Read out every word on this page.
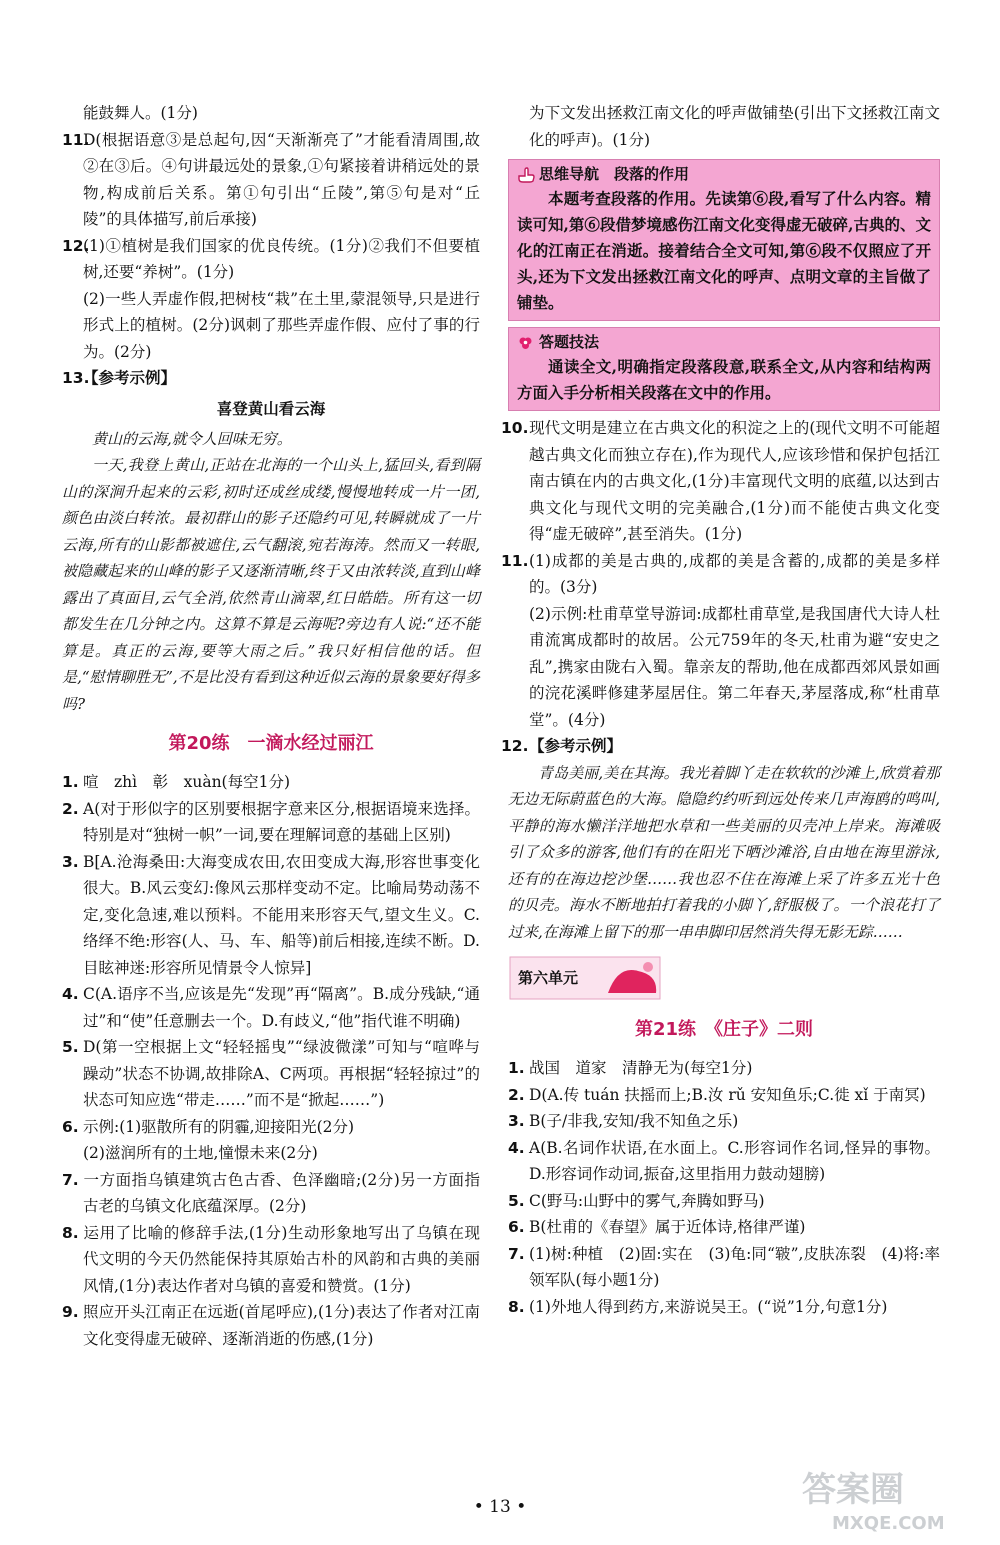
能鼓舞人。(1分)

11.D(根据语意③是总起句,因“天渐渐亮了”才能看清周围,故②在③后。④句讲最远处的景象,①句紧接着讲稍远处的景物,构成前后关系。第①句引出“丘陵”,第⑤句是对“丘陵”的具体描写,前后承接)

12.(1)①植树是我们国家的优良传统。(1分)②我们不但要植树,还要“养树”。(1分)

(2)一些人弄虚作假,把树枝“栽”在土里,蒙混领导,只是进行形式上的植树。(2分)讽刺了那些弄虚作假、应付了事的行为。(2分)

13.【参考示例】

喜登黄山看云海

黄山的云海,就令人回味无穷。

一天,我登上黄山,正站在北海的一个山头上,猛回头,看到隔山的深涧升起来的云彩,初时还成丝成缕,慢慢地转成一片一团,颜色由淡白转浓。最初群山的影子还隐约可见,转瞬就成了一片云海,所有的山影都被遮住,云气翻滚,宛若海涛。然而又一转眼,被隐藏起来的山峰的影子又逐渐清晰,终于又由浓转淡,直到山峰露出了真面目,云气全消,依然青山滴翠,红日皓皓。所有这一切都发生在几分钟之内。这算不算是云海呢?旁边有人说:“还不能算是。真正的云海,要等大雨之后。”我只好相信他的话。但是,“慰情聊胜无”,不是比没有看到这种近似云海的景象要好得多吗?

第20练　一滴水经过丽江

1. 喧　zhì　彰　xuàn(每空1分)

2. A(对于形似字的区别要根据字意来区分,根据语境来选择。特别是对“独树一帜”一词,要在理解词意的基础上区别)

3. B[A.沧海桑田:大海变成农田,农田变成大海,形容世事变化很大。B.风云变幻:像风云那样变动不定。比喻局势动荡不定,变化急速,难以预料。不能用来形容天气,望文生义。C.络绎不绝:形容(人、马、车、船等)前后相接,连续不断。D.目眩神迷:形容所见情景令人惊异]

4. C(A.语序不当,应该是先“发现”再“隔离”。B.成分残缺,“通过”和“使”任意删去一个。D.有歧义,“他”指代谁不明确)

5. D(第一空根据上文“轻轻摇曳”“绿波微漾”可知与“喧哗与躁动”状态不协调,故排除A、C两项。再根据“轻轻掠过”的状态可知应选“带走……”而不是“掀起……”)

6. 示例:(1)驱散所有的阴霾,迎接阳光(2分)

(2)滋润所有的土地,憧憬未来(2分)

7. 一方面指乌镇建筑古色古香、色泽幽暗;(2分)另一方面指古老的乌镇文化底蕴深厚。(2分)

8. 运用了比喻的修辞手法,(1分)生动形象地写出了乌镇在现代文明的今天仍然能保持其原始古朴的风韵和古典的美丽风情,(1分)表达作者对乌镇的喜爱和赞赏。(1分)

9. 照应开头江南正在远逝(首尾呼应),(1分)表达了作者对江南文化变得虚无破碎、逐渐消逝的伤感,(1分)

为下文发出拯救江南文化的呼声做铺垫(引出下文拯救江南文化的呼声)。(1分)

思维导航　段落的作用

本题考查段落的作用。先读第⑥段,看写了什么内容。精读可知,第⑥段借梦境感伤江南文化变得虚无破碎,古典的、文化的江南正在消逝。接着结合全文可知,第⑥段不仅照应了开头,还为下文发出拯救江南文化的呼声、点明文章的主旨做了铺垫。

答题技法

通读全文,明确指定段落段意,联系全文,从内容和结构两方面入手分析相关段落在文中的作用。

10.现代文明是建立在古典文化的积淀之上的(现代文明不可能超越古典文化而独立存在),作为现代人,应该珍惜和保护包括江南古镇在内的古典文化,(1分)丰富现代文明的底蕴,以达到古典文化与现代文明的完美融合,(1分)而不能使古典文化变得“虚无破碎”,甚至消失。(1分)

11.(1)成都的美是古典的,成都的美是含蓄的,成都的美是多样的。(3分)

(2)示例:杜甫草堂导游词:成都杜甫草堂,是我国唐代大诗人杜甫流寓成都时的故居。公元759年的冬天,杜甫为避“安史之乱”,携家由陇右入蜀。靠亲友的帮助,他在成都西郊风景如画的浣花溪畔修建茅屋居住。第二年春天,茅屋落成,称“杜甫草堂”。(4分)

12.【参考示例】

青岛美丽,美在其海。我光着脚丫走在软软的沙滩上,欣赏着那无边无际蔚蓝色的大海。隐隐约约听到远处传来几声海鸥的鸣叫,平静的海水懒洋洋地把水草和一些美丽的贝壳冲上岸来。海滩吸引了众多的游客,他们有的在阳光下晒沙滩浴,自由地在海里游泳,还有的在海边挖沙堡……我也忍不住在海滩上采了许多五光十色的贝壳。海水不断地拍打着我的小脚丫,舒服极了。一个浪花打了过来,在海滩上留下的那一串串脚印居然消失得无影无踪……

第六单元
第21练　《庄子》二则

1. 战国　道家　清静无为(每空1分)

2. D(A.传 tuán 扶摇而上;B.汝 rǔ 安知鱼乐;C.徙 xǐ 于南冥)

3. B(子/非我,安知/我不知鱼之乐)

4. A(B.名词作状语,在水面上。C.形容词作名词,怪异的事物。D.形容词作动词,振奋,这里指用力鼓动翅膀)

5. C(野马:山野中的雾气,奔腾如野马)

6. B(杜甫的《春望》属于近体诗,格律严谨)

7. (1)树:种植　(2)固:实在　(3)龟:同“皲”,皮肤冻裂　(4)将:率领军队(每小题1分)

8. (1)外地人得到药方,来游说吴王。(“说”1分,句意1分)

• 13 •	答案圈
MXQE.COM
